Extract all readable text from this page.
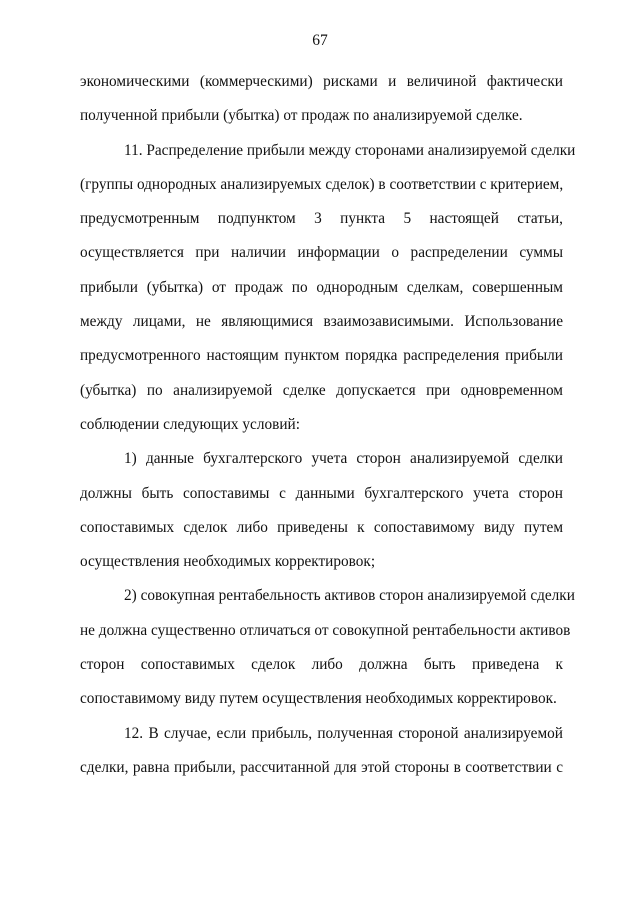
67
экономическими (коммерческими) рисками и величиной фактически
полученной прибыли (убытка) от продаж по анализируемой сделке.
11. Распределение прибыли между сторонами анализируемой сделки
(группы однородных анализируемых сделок) в соответствии с критерием,
предусмотренным подпунктом 3 пункта 5 настоящей статьи,
осуществляется при наличии информации о распределении суммы
прибыли (убытка) от продаж по однородным сделкам, совершенным
между лицами, не являющимися взаимозависимыми. Использование
предусмотренного настоящим пунктом порядка распределения прибыли
(убытка) по анализируемой сделке допускается при одновременном
соблюдении следующих условий:
1) данные бухгалтерского учета сторон анализируемой сделки
должны быть сопоставимы с данными бухгалтерского учета сторон
сопоставимых сделок либо приведены к сопоставимому виду путем
осуществления необходимых корректировок;
2) совокупная рентабельность активов сторон анализируемой сделки
не должна существенно отличаться от совокупной рентабельности активов
сторон сопоставимых сделок либо должна быть приведена к
сопоставимому виду путем осуществления необходимых корректировок.
12. В случае, если прибыль, полученная стороной анализируемой
сделки, равна прибыли, рассчитанной для этой стороны в соответствии с
